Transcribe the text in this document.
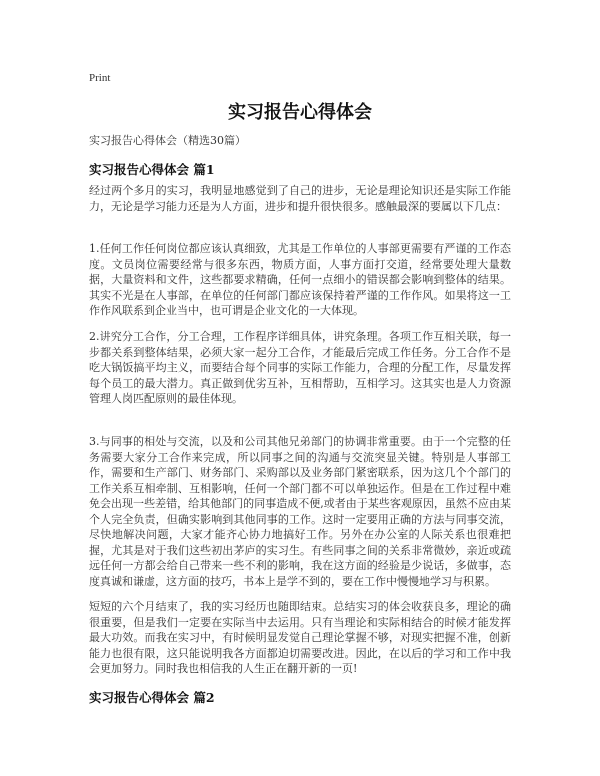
Print
实习报告心得体会
实习报告心得体会（精选30篇）
实习报告心得体会 篇1

经过两个多月的实习，我明显地感觉到了自己的进步，无论是理论知识还是实际工作能力，无论是学习能力还是为人方面，进步和提升很快很多。感触最深的要属以下几点：

1.任何工作任何岗位都应该认真细致，尤其是工作单位的人事部更需要有严谨的工作态度。文员岗位需要经常与很多东西，物质方面，人事方面打交道，经常要处理大量数据，大量资料和文件，这些都要求精确，任何一点细小的错误都会影响到整体的结果。其实不光是在人事部，在单位的任何部门都应该保持着严谨的工作作风。如果将这一工作作风联系到企业当中，也可谓是企业文化的一大体现。

2.讲究分工合作，分工合理，工作程序详细具体，讲究条理。各项工作互相关联，每一步都关系到整体结果，必须大家一起分工合作，才能最后完成工作任务。分工合作不是吃大锅饭搞平均主义，而要结合每个同事的实际工作能力，合理的分配工作，尽量发挥每个员工的最大潜力。真正做到优劣互补，互相帮助，互相学习。这其实也是人力资源管理人岗匹配原则的最佳体现。

3.与同事的相处与交流，以及和公司其他兄弟部门的协调非常重要。由于一个完整的任务需要大家分工合作来完成，所以同事之间的沟通与交流突显关键。特别是人事部工作，需要和生产部门、财务部门、采购部以及业务部门紧密联系，因为这几个个部门的工作关系互相牵制、互相影响，任何一个部门都不可以单独运作。但是在工作过程中难免会出现一些差错，给其他部门的同事造成不便,或者由于某些客观原因，虽然不应由某个人完全负责，但确实影响到其他同事的工作。这时一定要用正确的方法与同事交流，尽快地解决问题，大家才能齐心协力地搞好工作。另外在办公室的人际关系也很难把握，尤其是对于我们这些初出茅庐的实习生。有些同事之间的关系非常微妙，亲近或疏远任何一方都会给自己带来一些不利的影响，我在这方面的经验是少说话，多做事，态度真诚和谦虚，这方面的技巧，书本上是学不到的，要在工作中慢慢地学习与积累。

短短的六个月结束了，我的实习经历也随即结束。总结实习的体会收获良多，理论的确很重要，但是我们一定要在实际当中去运用。只有当理论和实际相结合的时候才能发挥最大功效。而我在实习中，有时候明显发觉自己理论掌握不够，对现实把握不准，创新能力也很有限，这只能说明我各方面都迫切需要改进。因此，在以后的学习和工作中我会更加努力。同时我也相信我的人生正在翻开新的一页!

实习报告心得体会 篇2
